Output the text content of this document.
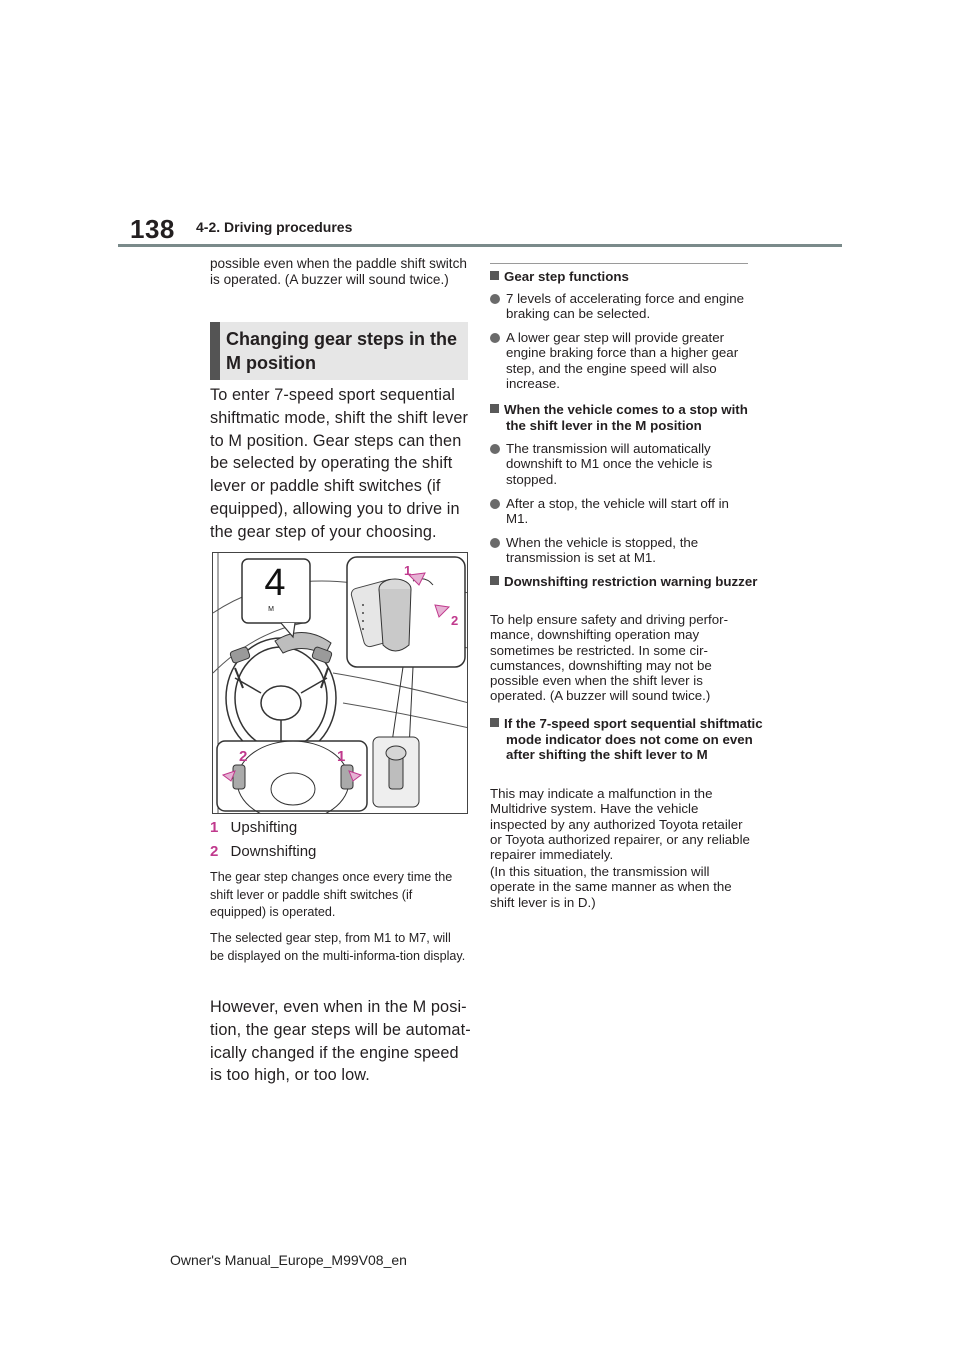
138 4-2. Driving procedures
possible even when the paddle shift switch is operated. (A buzzer will sound twice.)
Changing gear steps in the M position
To enter 7-speed sport sequential shiftmatic mode, shift the shift lever to M position. Gear steps can then be selected by operating the shift lever or paddle shift switches (if equipped), allowing you to drive in the gear step of your choosing.
4
M
1
2
2	1
1 Upshifting
2 Downshifting
The gear step changes once every time the shift lever or paddle shift switches (if equipped) is operated.
The selected gear step, from M1 to M7, will be displayed on the multi-informa-tion display.
However, even when in the M posi-tion, the gear steps will be automat-ically changed if the engine speed is too high, or too low.
Gear step functions
7 levels of accelerating force and engine braking can be selected.
A lower gear step will provide greater engine braking force than a higher gear step, and the engine speed will also increase.
When the vehicle comes to a stop with the shift lever in the M position
The transmission will automatically downshift to M1 once the vehicle is stopped.
After a stop, the vehicle will start off in M1.
When the vehicle is stopped, the transmission is set at M1.
Downshifting restriction warning buzzer
To help ensure safety and driving perfor-mance, downshifting operation may sometimes be restricted. In some cir-cumstances, downshifting may not be possible even when the shift lever is operated. (A buzzer will sound twice.)
If the 7-speed sport sequential shiftmatic mode indicator does not come on even after shifting the shift lever to M
This may indicate a malfunction in the Multidrive system. Have the vehicle inspected by any authorized Toyota retailer or Toyota authorized repairer, or any reliable repairer immediately.
(In this situation, the transmission will operate in the same manner as when the shift lever is in D.)
Owner's Manual_Europe_M99V08_en
